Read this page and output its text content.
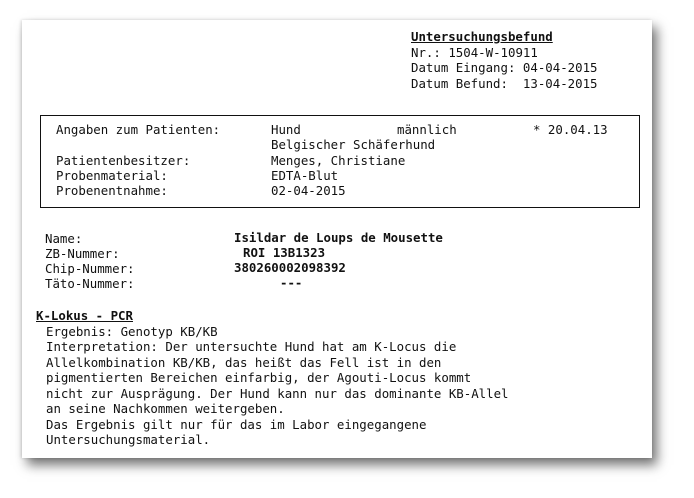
Untersuchungsbefund
Nr.: 1504-W-10911
Datum Eingang: 04-04-2015
Datum Befund: 13-04-2015
Angaben zum Patienten:	Hund	männlich	* 20.04.13
Belgischer Schäferhund
Patientenbesitzer:	Menges, Christiane
Probenmaterial:	EDTA-Blut
Probenentnahme:	02-04-2015
Name:	Isildar de Loups de Mousette
ZB-Nummer:	ROI 13B1323
Chip-Nummer:	380260002098392
Täto-Nummer:	---
K-Lokus - PCR
Ergebnis: Genotyp KB/KB
Interpretation: Der untersuchte Hund hat am K-Locus die
Allelkombination KB/KB, das heißt das Fell ist in den
pigmentierten Bereichen einfarbig, der Agouti-Locus kommt
nicht zur Ausprägung. Der Hund kann nur das dominante KB-Allel
an seine Nachkommen weitergeben.
Das Ergebnis gilt nur für das im Labor eingegangene
Untersuchungsmaterial.
